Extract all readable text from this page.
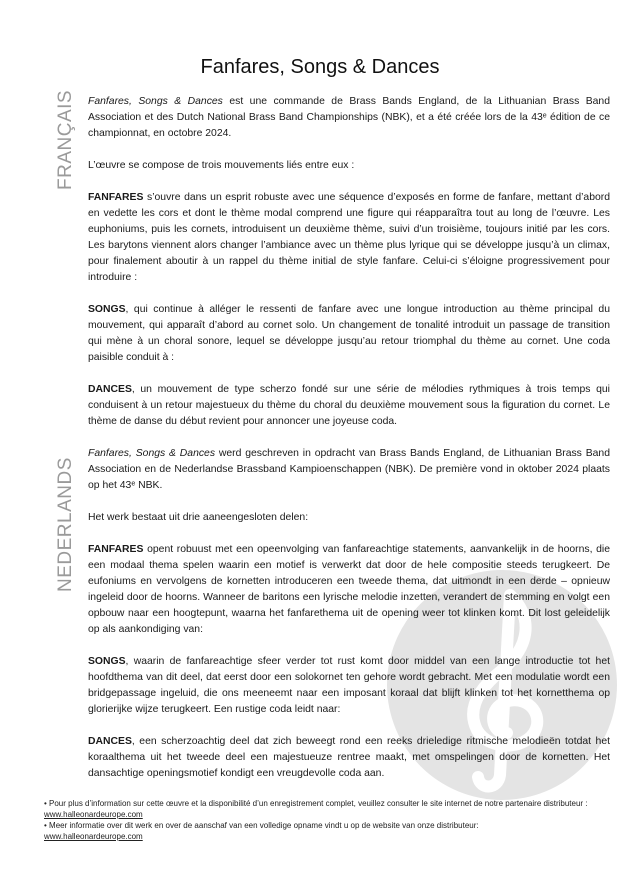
Fanfares, Songs & Dances
FRANÇAIS Fanfares, Songs & Dances est une commande de Brass Bands England, de la Lithuanian Brass Band Association et des Dutch National Brass Band Championships (NBK), et a été créée lors de la 43ᵉ édition de ce championnat, en octobre 2024.

L’œuvre se compose de trois mouvements liés entre eux :

FANFARES s’ouvre dans un esprit robuste avec une séquence d’exposés en forme de fanfare, mettant d’abord en vedette les cors et dont le thème modal comprend une figure qui réapparaîtra tout au long de l’œuvre. Les euphoniums, puis les cornets, introduisent un deuxième thème, suivi d’un troisième, toujours initié par les cors. Les barytons viennent alors changer l’ambiance avec un thème plus lyrique qui se développe jusqu’à un climax, pour finalement aboutir à un rappel du thème initial de style fanfare. Celui-ci s’éloigne progressivement pour introduire :

SONGS, qui continue à alléger le ressenti de fanfare avec une longue introduction au thème principal du mouvement, qui apparaît d’abord au cornet solo. Un changement de tonalité introduit un passage de transition qui mène à un choral sonore, lequel se développe jusqu’au retour triomphal du thème au cornet. Une coda paisible conduit à :

DANCES, un mouvement de type scherzo fondé sur une série de mélodies rythmiques à trois temps qui conduisent à un retour majestueux du thème du choral du deuxième mouvement sous la figuration du cornet. Le thème de danse du début revient pour annoncer une joyeuse coda.

NEDERLANDS

Fanfares, Songs & Dances werd geschreven in opdracht van Brass Bands England, de Lithuanian Brass Band Association en de Nederlandse Brassband Kampioenschappen (NBK). De première vond in oktober 2024 plaats op het 43ᵉ NBK.

Het werk bestaat uit drie aaneengesloten delen:

FANFARES opent robuust met een opeenvolging van fanfareachtige statements, aanvankelijk in de hoorns, die een modaal thema spelen waarin een motief is verwerkt dat door de hele compositie steeds terugkeert. De eufoniums en vervolgens de kornetten introduceren een tweede thema, dat uitmondt in een derde – opnieuw ingeleid door de hoorns. Wanneer de baritons een lyrische melodie inzetten, verandert de stemming en volgt een opbouw naar een hoogtepunt, waarna het fanfarethema uit de opening weer tot klinken komt. Dit lost geleidelijk op als aankondiging van:

SONGS, waarin de fanfareachtige sfeer verder tot rust komt door middel van een lange introductie tot het hoofdthema van dit deel, dat eerst door een solokornet ten gehore wordt gebracht. Met een modulatie wordt een bridgepassage ingeluid, die ons meeneemt naar een imposant koraal dat blijft klinken tot het kornetthema op glorierijke wijze terugkeert. Een rustige coda leidt naar:

DANCES, een scherzoachtig deel dat zich beweegt rond een reeks drieledige ritmische melodieën totdat het koraalthema uit het tweede deel een majestueuze rentree maakt, met omspelingen door de kornetten. Het dansachtige openingsmotief kondigt een vreugdevolle coda aan.

• Pour plus d’information sur cette œuvre et la disponibilité d’un enregistrement complet, veuillez consulter le site internet de notre partenaire distributeur : www.halleonardeurope.com
• Meer informatie over dit werk en over de aanschaf van een volledige opname vindt u op de website van onze distributeur:
www.halleonardeurope.com
